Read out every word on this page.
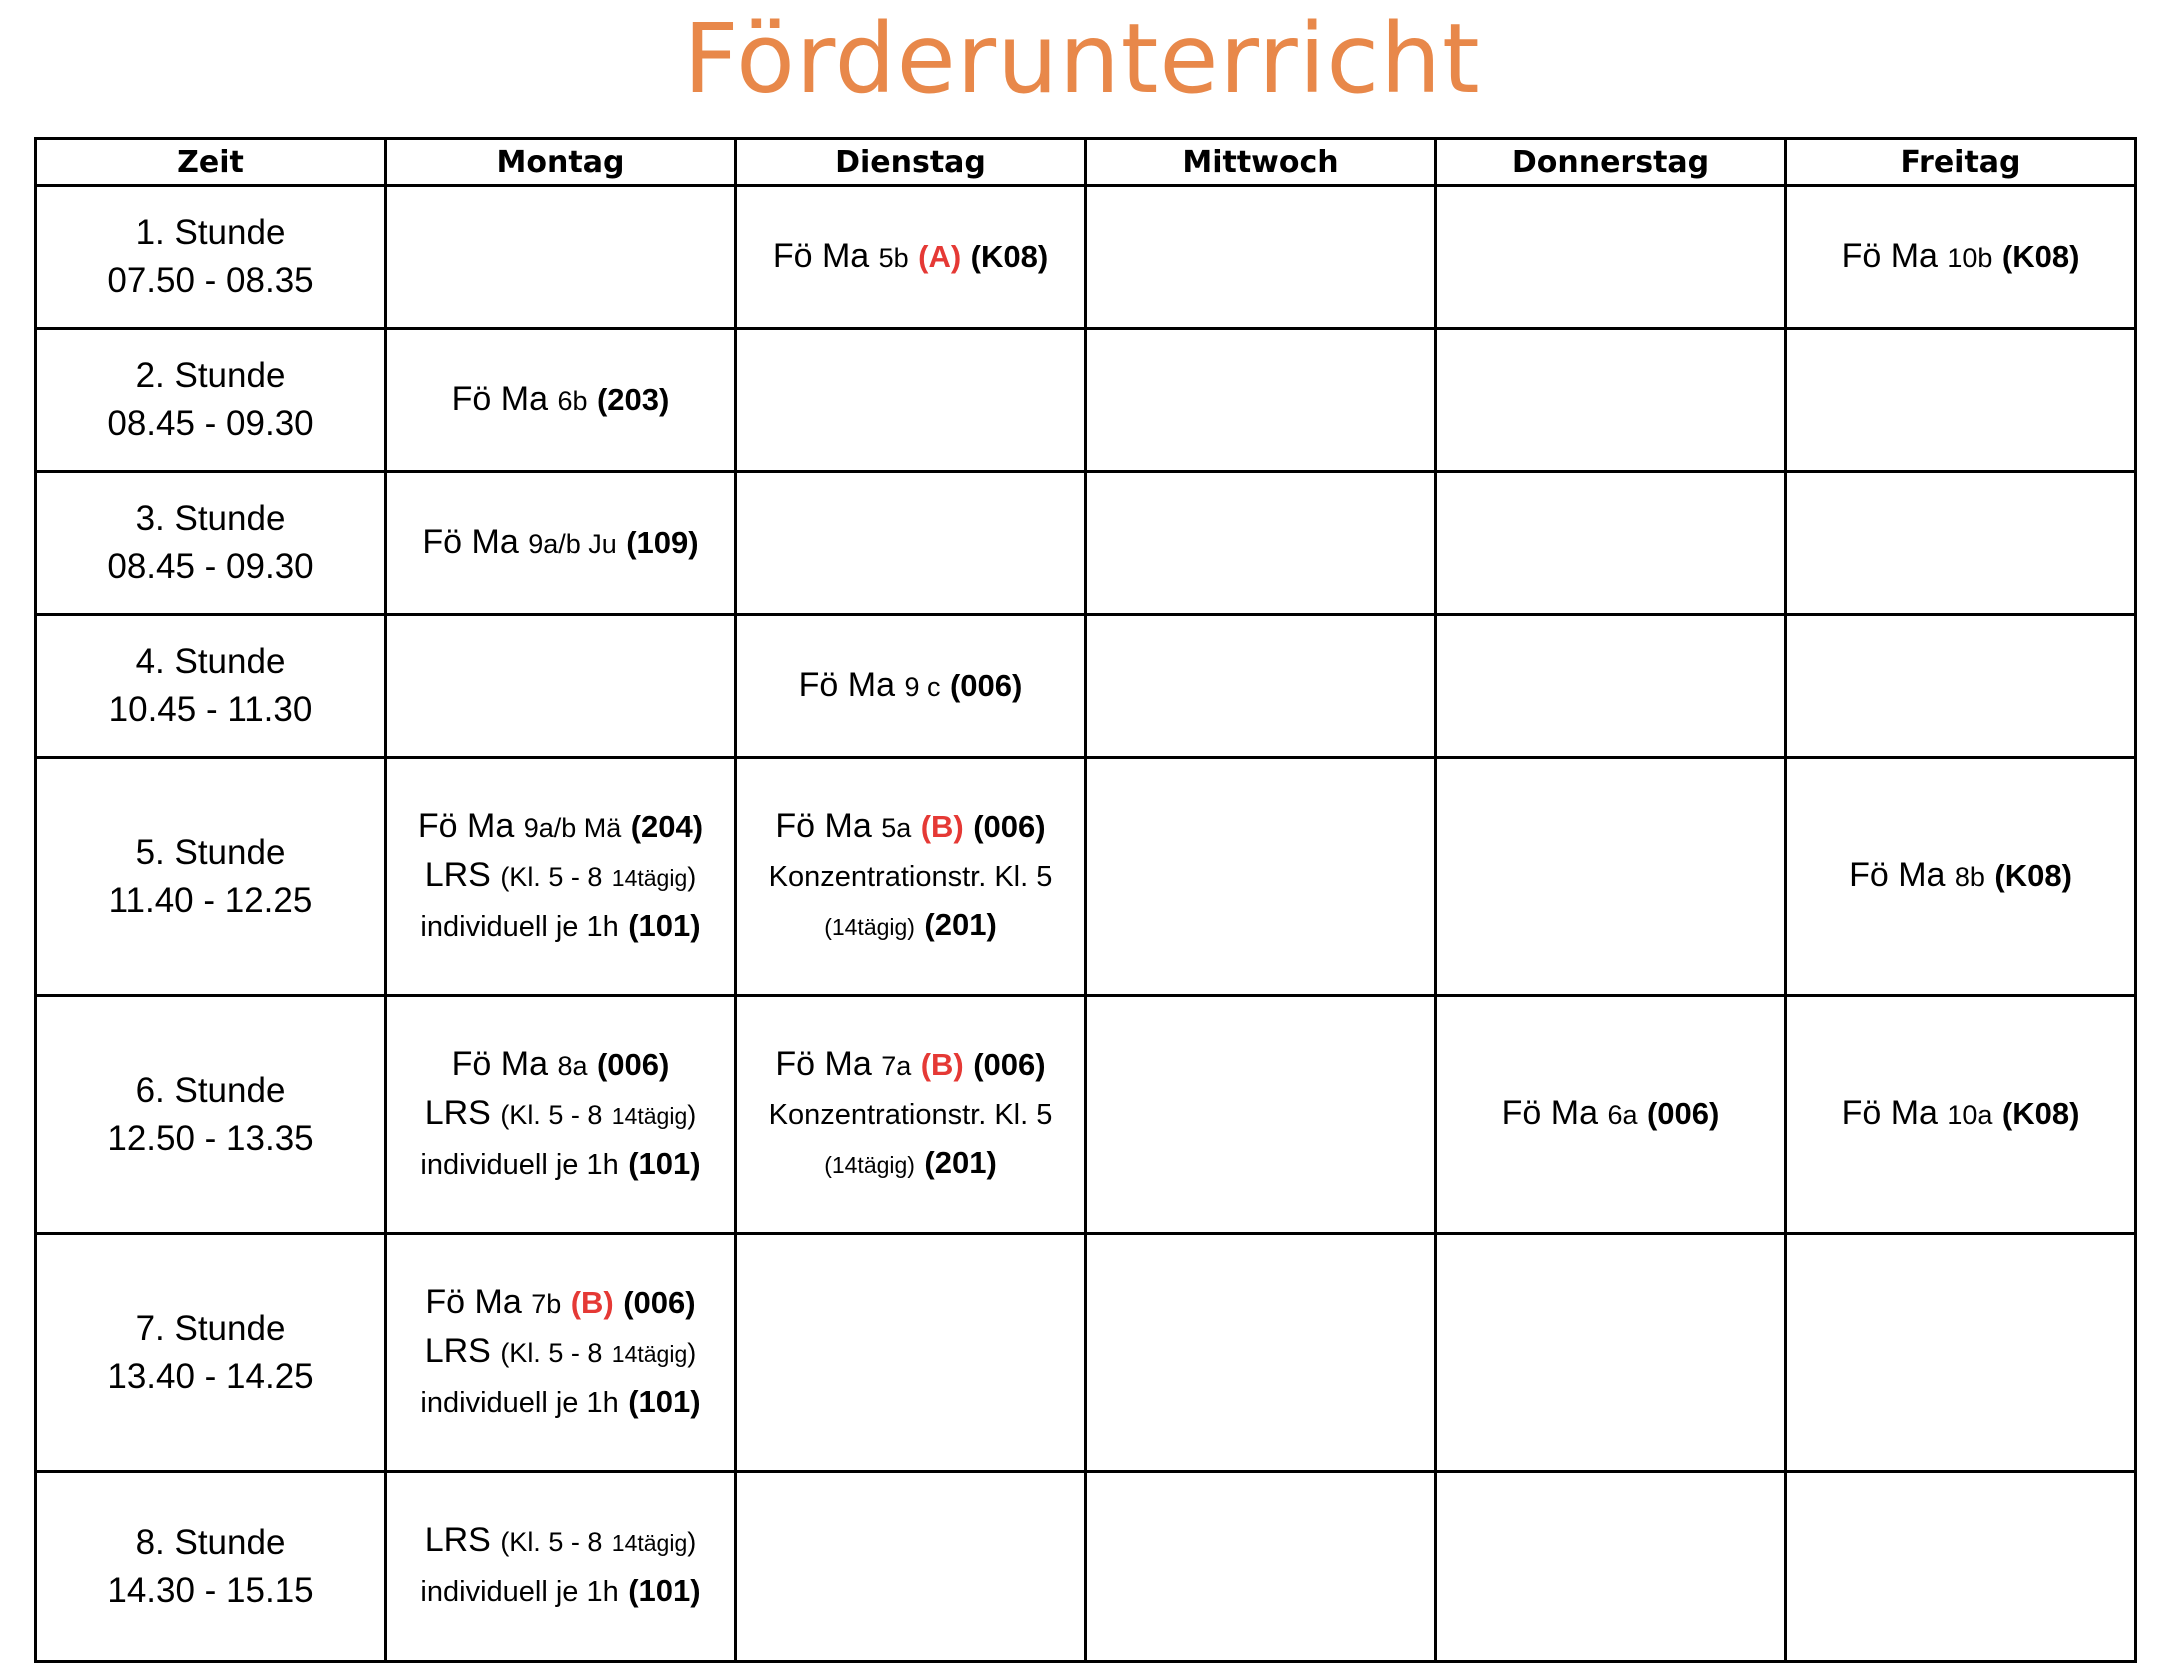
Förderunterricht
Zeit	Montag	Dienstag	Mittwoch	Donnerstag	Freitag
1. Stunde
07.50 - 08.35		Fö Ma 5b (A) (K08)			Fö Ma 10b (K08)

2. Stunde
08.45 - 09.30	Fö Ma 6b (203)				

3. Stunde
08.45 - 09.30	Fö Ma 9a/b Ju (109)				

4. Stunde
10.45 - 11.30		Fö Ma 9 c (006)			

5. Stunde
11.40 - 12.25	Fö Ma 9a/b Mä (204)
LRS (Kl. 5 - 8 14tägig)
individuell je 1h (101)	Fö Ma 5a (B) (006)
Konzentrationstr. Kl. 5
(14tägig) (201)			Fö Ma 8b (K08)

6. Stunde
12.50 - 13.35	Fö Ma 8a (006)
LRS (Kl. 5 - 8 14tägig)
individuell je 1h (101)	Fö Ma 7a (B) (006)
Konzentrationstr. Kl. 5
(14tägig) (201)		Fö Ma 6a (006)	Fö Ma 10a (K08)

7. Stunde
13.40 - 14.25	Fö Ma 7b (B) (006)
LRS (Kl. 5 - 8 14tägig)
individuell je 1h (101)				

8. Stunde
14.30 - 15.15	LRS (Kl. 5 - 8 14tägig)
individuell je 1h (101)				
